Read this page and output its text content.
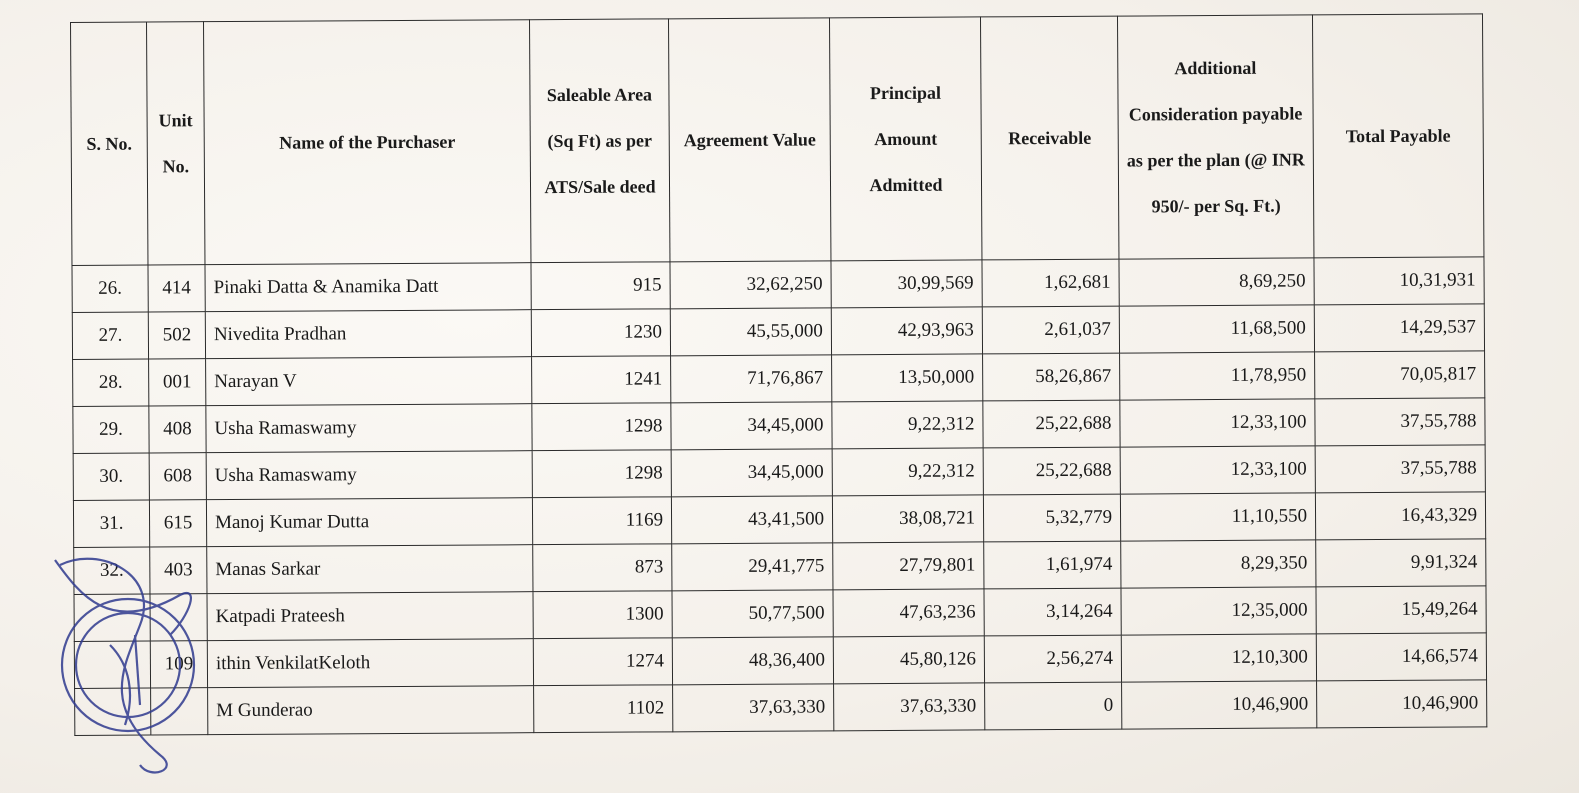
S. No.	Unit No.	Name of the Purchaser	Saleable Area (Sq Ft) as per ATS/Sale deed	Agreement Value	Principal Amount Admitted	Receivable	Additional Consideration payable as per the plan (@ INR 950/- per Sq. Ft.)	Total Payable
26.	414	Pinaki Datta & Anamika Datt	915	32,62,250	30,99,569	1,62,681	8,69,250	10,31,931
27.	502	Nivedita Pradhan	1230	45,55,000	42,93,963	2,61,037	11,68,500	14,29,537
28.	001	Narayan V	1241	71,76,867	13,50,000	58,26,867	11,78,950	70,05,817
29.	408	Usha Ramaswamy	1298	34,45,000	9,22,312	25,22,688	12,33,100	37,55,788
30.	608	Usha Ramaswamy	1298	34,45,000	9,22,312	25,22,688	12,33,100	37,55,788
31.	615	Manoj Kumar Dutta	1169	43,41,500	38,08,721	5,32,779	11,10,550	16,43,329
32.	403	Manas Sarkar	873	29,41,775	27,79,801	1,61,974	8,29,350	9,91,324
		Katpadi Prateesh	1300	50,77,500	47,63,236	3,14,264	12,35,000	15,49,264
	109	ithin VenkilatKeloth	1274	48,36,400	45,80,126	2,56,274	12,10,300	14,66,574
		M Gunderao	1102	37,63,330	37,63,330	0	10,46,900	10,46,900
